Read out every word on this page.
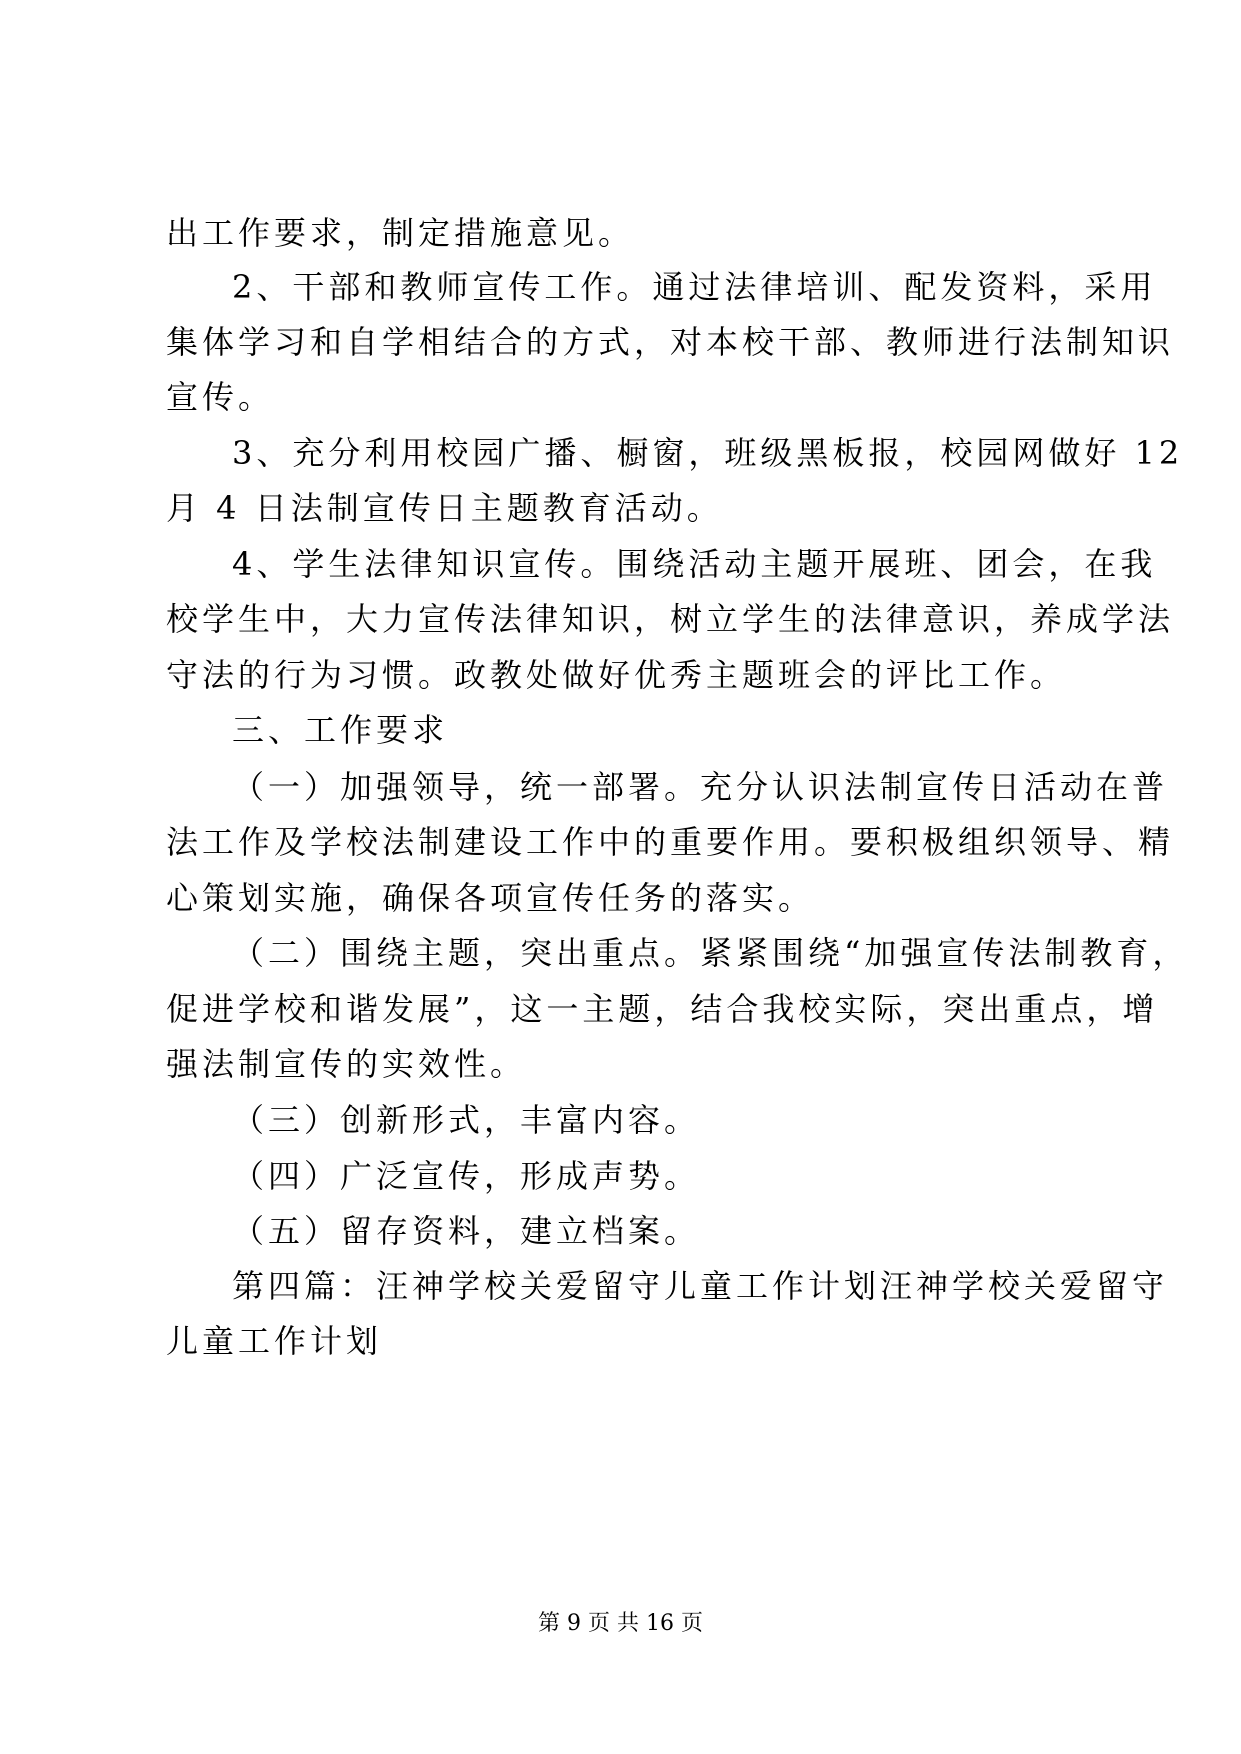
出工作要求，制定措施意见。
2、干部和教师宣传工作。通过法律培训、配发资料，采用
集体学习和自学相结合的方式，对本校干部、教师进行法制知识
宣传。
3、充分利用校园广播、橱窗，班级黑板报，校园网做好 12
月 4 日法制宣传日主题教育活动。
4、学生法律知识宣传。围绕活动主题开展班、团会，在我
校学生中，大力宣传法律知识，树立学生的法律意识，养成学法
守法的行为习惯。政教处做好优秀主题班会的评比工作。
三、工作要求
（一）加强领导，统一部署。充分认识法制宣传日活动在普
法工作及学校法制建设工作中的重要作用。要积极组织领导、精
心策划实施，确保各项宣传任务的落实。
（二）围绕主题，突出重点。紧紧围绕“加强宣传法制教育，
促进学校和谐发展”，这一主题，结合我校实际，突出重点，增
强法制宣传的实效性。
（三）创新形式，丰富内容。
（四）广泛宣传，形成声势。
（五）留存资料，建立档案。
第四篇：汪神学校关爱留守儿童工作计划汪神学校关爱留守
儿童工作计划
第 9 页 共 16 页
